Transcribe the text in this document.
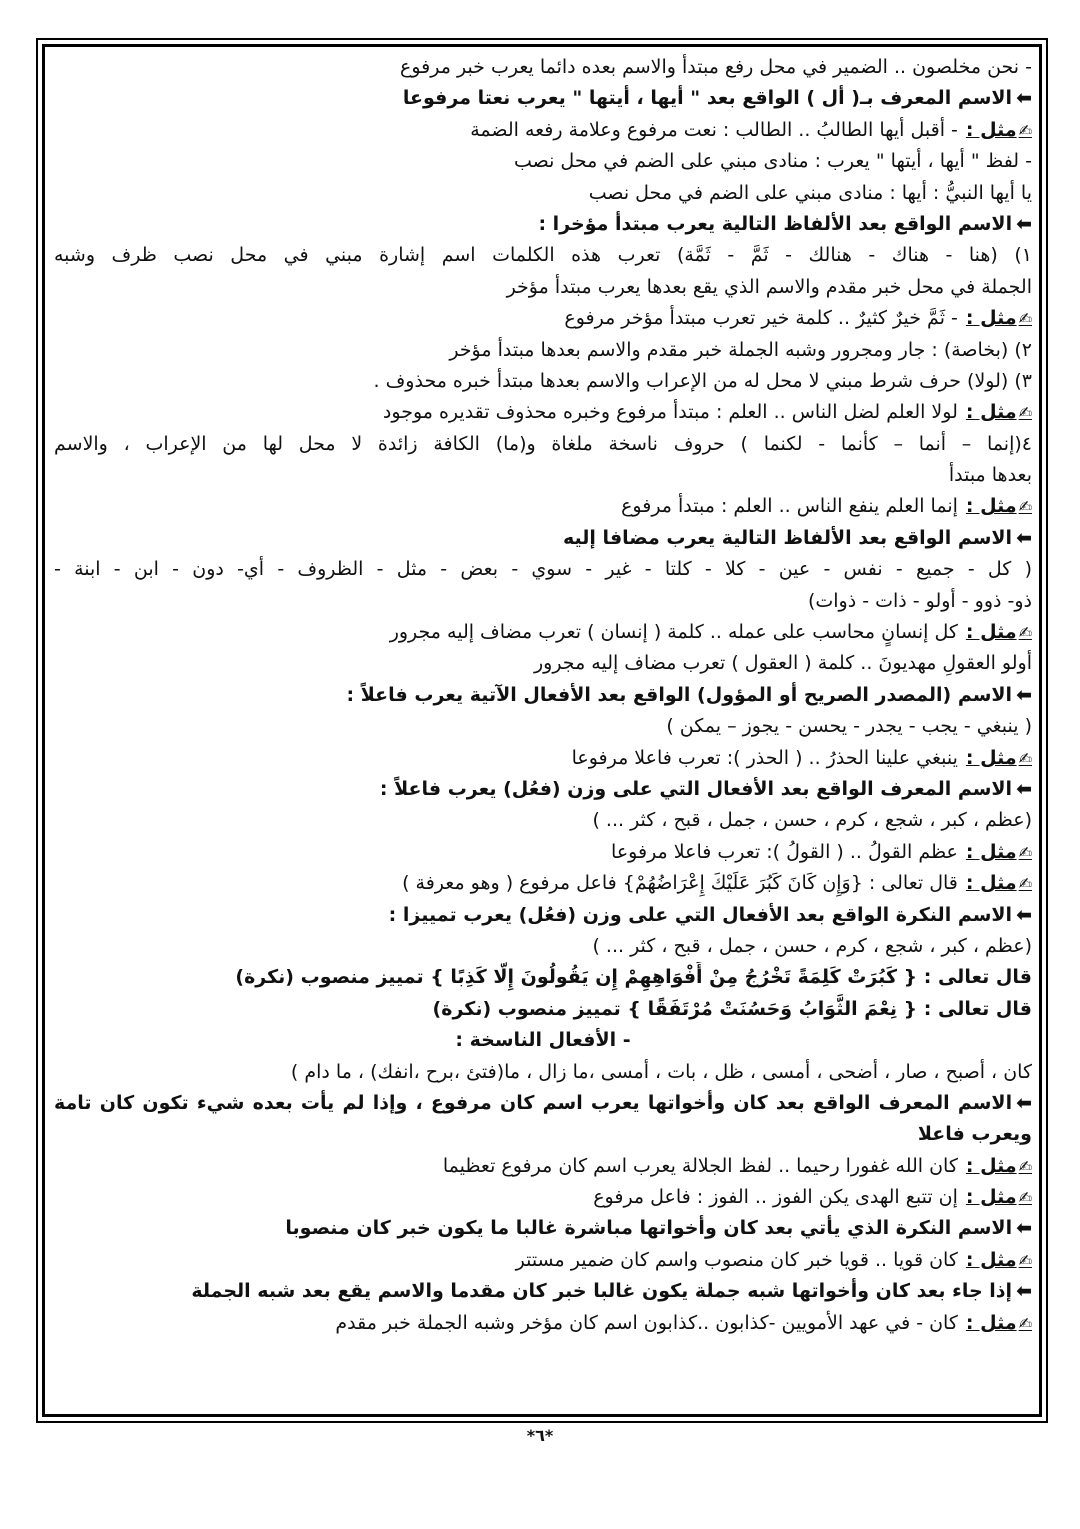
- نحن مخلصون .. الضمير في محل رفع مبتدأ والاسم بعده دائما يعرب خبر مرفوع
⬅الاسم المعرف بـ( أل ) الواقع بعد " أيها ، أيتها " يعرب نعتا مرفوعا
✍مثل :- أقبل أيها الطالبُ .. الطالب : نعت مرفوع وعلامة رفعه الضمة
- لفظ " أيها ، أيتها " يعرب : منادى مبني على الضم في محل نصب
يا أيها النبيُّ : أيها : منادى مبني على الضم في محل نصب
⬅الاسم الواقع بعد الألفاظ التالية يعرب مبتدأ مؤخرا :
١) (هنا - هناك - هنالك - ثَمَّ - ثَمَّة) تعرب هذه الكلمات اسم إشارة مبني في محل نصب ظرف وشبه
الجملة في محل خبر مقدم والاسم الذي يقع بعدها يعرب مبتدأ مؤخر
✍مثل :- ثَمَّ خيرٌ كثيرٌ .. كلمة خير تعرب مبتدأ مؤخر مرفوع
٢) (بخاصة) : جار ومجرور وشبه الجملة خبر مقدم والاسم بعدها مبتدأ مؤخر
٣) (لولا) حرف شرط مبني لا محل له من الإعراب والاسم بعدها مبتدأ خبره محذوف .
✍مثل :لولا العلم لضل الناس .. العلم : مبتدأ مرفوع وخبره محذوف تقديره موجود
٤(إنما – أنما – كأنما - لكنما ) حروف ناسخة ملغاة و(ما) الكافة زائدة لا محل لها من الإعراب ، والاسم
بعدها مبتدأ
✍مثل :إنما العلم ينفع الناس .. العلم : مبتدأ مرفوع
⬅الاسم الواقع بعد الألفاظ التالية يعرب مضافا إليه
( كل - جميع - نفس - عين - كلا - كلتا - غير - سوي - بعض - مثل - الظروف - أي- دون - ابن - ابنة -
ذو- ذوو - أولو - ذات - ذوات)
✍مثل :كل إنسانٍ محاسب على عمله .. كلمة ( إنسان ) تعرب مضاف إليه مجرور
أولو العقولِ مهديونَ .. كلمة ( العقول ) تعرب مضاف إليه مجرور
⬅الاسم (المصدر الصريح أو المؤول) الواقع بعد الأفعال الآتية يعرب فاعلاً :
( ينبغي - يجب - يجدر - يحسن - يجوز – يمكن )
✍مثل :ينبغي علينا الحذرُ .. ( الحذر ): تعرب فاعلا مرفوعا
⬅الاسم المعرف الواقع بعد الأفعال التي على وزن (فعُل) يعرب فاعلاً :
(عظم ، كبر ، شجع ، كرم ، حسن ، جمل ، قبح ، كثر ... )
✍مثل :عظم القولُ .. ( القولُ ): تعرب فاعلا مرفوعا
✍مثل :قال تعالى : {وَإِن كَانَ كَبُرَ عَلَيْكَ إِعْرَاضُهُمْ} فاعل مرفوع ( وهو معرفة )
⬅الاسم النكرة الواقع بعد الأفعال التي على وزن (فعُل) يعرب تمييزا :
(عظم ، كبر ، شجع ، كرم ، حسن ، جمل ، قبح ، كثر ... )
قال تعالى : { كَبُرَتْ كَلِمَةً تَخْرُجُ مِنْ أَفْوَاهِهِمْ إِن يَقُولُونَ إِلَّا كَذِبًا } تمييز منصوب (نكرة)
قال تعالى : { نِعْمَ الثَّوَابُ وَحَسُنَتْ مُرْتَفَقًا } تمييز منصوب (نكرة)
- الأفعال الناسخة :
كان ، أصبح ، صار ، أضحى ، أمسى ، ظل ، بات ، أمسى ،ما زال ، ما(فتئ ،برح ،انفك) ، ما دام )
⬅الاسم المعرف الواقع بعد كان وأخواتها يعرب اسم كان مرفوع ، وإذا لم يأت بعده شيء تكون كان تامة
ويعرب فاعلا
✍مثل :كان الله غفورا رحيما .. لفظ الجلالة يعرب اسم كان مرفوع تعظيما
✍مثل :إن تتبع الهدى يكن الفوز .. الفوز : فاعل مرفوع
⬅الاسم النكرة الذي يأتي بعد كان وأخواتها مباشرة غالبا ما يكون خبر كان منصوبا
✍مثل :كان قويا .. قويا خبر كان منصوب واسم كان ضمير مستتر
⬅إذا جاء بعد كان وأخواتها شبه جملة يكون غالبا خبر كان مقدما والاسم يقع بعد شبه الجملة
✍مثل :كان - في عهد الأمويين -كذابون ..كذابون اسم كان مؤخر وشبه الجملة خبر مقدم
*٦*
